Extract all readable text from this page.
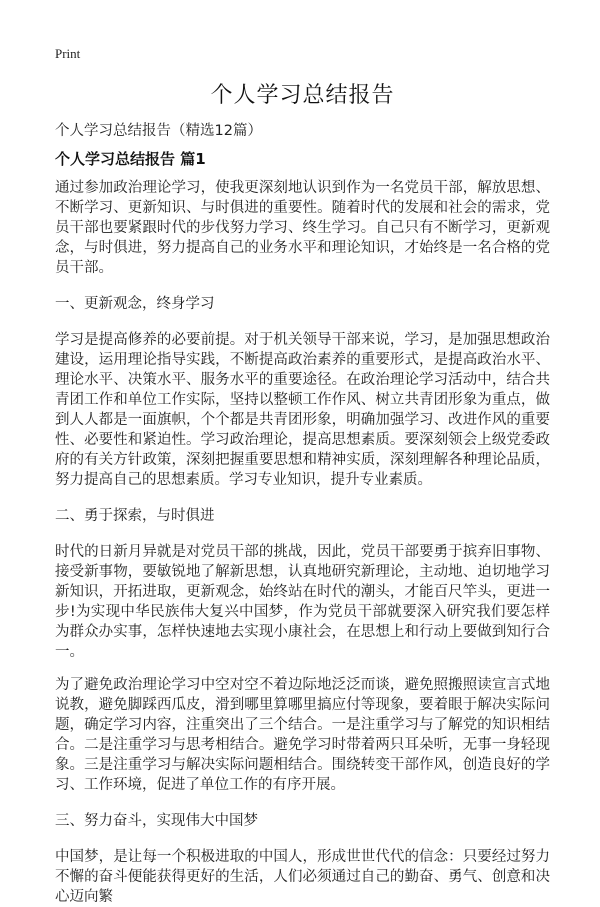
Print
个人学习总结报告
个人学习总结报告（精选12篇）
个人学习总结报告 篇1

通过参加政治理论学习，使我更深刻地认识到作为一名党员干部，解放思想、不断学习、更新知识、与时俱进的重要性。随着时代的发展和社会的需求，党员干部也要紧跟时代的步伐努力学习、终生学习。自己只有不断学习，更新观念，与时俱进，努力提高自己的业务水平和理论知识，才始终是一名合格的党员干部。

一、更新观念，终身学习

学习是提高修养的必要前提。对于机关领导干部来说，学习，是加强思想政治建设，运用理论指导实践，不断提高政治素养的重要形式，是提高政治水平、理论水平、决策水平、服务水平的重要途径。在政治理论学习活动中，结合共青团工作和单位工作实际，坚持以整顿工作作风、树立共青团形象为重点，做到人人都是一面旗帜，个个都是共青团形象，明确加强学习、改进作风的重要性、必要性和紧迫性。学习政治理论，提高思想素质。要深刻领会上级党委政府的有关方针政策，深刻把握重要思想和精神实质，深刻理解各种理论品质，努力提高自己的思想素质。学习专业知识，提升专业素质。

二、勇于探索，与时俱进

时代的日新月异就是对党员干部的挑战，因此，党员干部要勇于摈弃旧事物、接受新事物，要敏锐地了解新思想，认真地研究新理论，主动地、迫切地学习新知识，开拓进取，更新观念，始终站在时代的潮头，才能百尺竿头，更进一步!为实现中华民族伟大复兴中国梦，作为党员干部就要深入研究我们要怎样为群众办实事，怎样快速地去实现小康社会，在思想上和行动上要做到知行合一。

为了避免政治理论学习中空对空不着边际地泛泛而谈，避免照搬照读宣言式地说教，避免脚踩西瓜皮，滑到哪里算哪里搞应付等现象，要着眼于解决实际问题，确定学习内容，注重突出了三个结合。一是注重学习与了解党的知识相结合。二是注重学习与思考相结合。避免学习时带着两只耳朵听，无事一身轻现象。三是注重学习与解决实际问题相结合。围绕转变干部作风，创造良好的学习、工作环境，促进了单位工作的有序开展。

三、努力奋斗，实现伟大中国梦

中国梦，是让每一个积极进取的中国人，形成世世代代的信念：只要经过努力不懈的奋斗便能获得更好的生活，人们必须通过自己的勤奋、勇气、创意和决心迈向繁
